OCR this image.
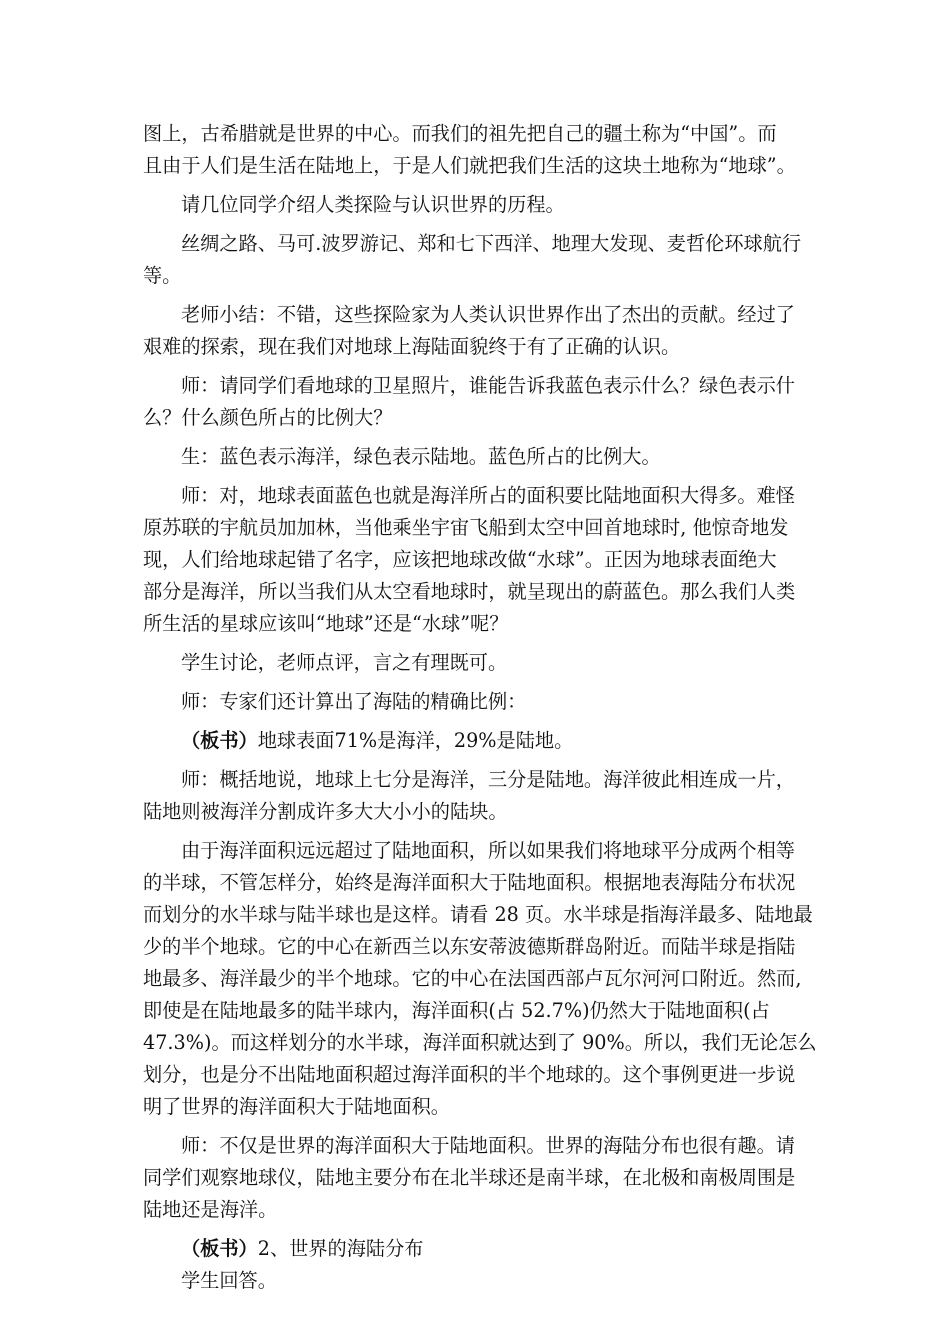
图上，古希腊就是世界的中心。而我们的祖先把自己的疆土称为“中国”。而
且由于人们是生活在陆地上，于是人们就把我们生活的这块土地称为“地球”。
请几位同学介绍人类探险与认识世界的历程。
丝绸之路、马可.波罗游记、郑和七下西洋、地理大发现、麦哲伦环球航行
等。
老师小结：不错，这些探险家为人类认识世界作出了杰出的贡献。经过了
艰难的探索，现在我们对地球上海陆面貌终于有了正确的认识。
师：请同学们看地球的卫星照片，谁能告诉我蓝色表示什么？绿色表示什
么？什么颜色所占的比例大？
生：蓝色表示海洋，绿色表示陆地。蓝色所占的比例大。
师：对，地球表面蓝色也就是海洋所占的面积要比陆地面积大得多。难怪
原苏联的宇航员加加林，当他乘坐宇宙飞船到太空中回首地球时, 他惊奇地发
现，人们给地球起错了名字，应该把地球改做“水球”。正因为地球表面绝大
部分是海洋，所以当我们从太空看地球时，就呈现出的蔚蓝色。那么我们人类
所生活的星球应该叫“地球”还是“水球”呢？
学生讨论，老师点评，言之有理既可。
师：专家们还计算出了海陆的精确比例：
（板书）地球表面71%是海洋，29%是陆地。
师：概括地说，地球上七分是海洋，三分是陆地。海洋彼此相连成一片，
陆地则被海洋分割成许多大大小小的陆块。
由于海洋面积远远超过了陆地面积，所以如果我们将地球平分成两个相等
的半球，不管怎样分，始终是海洋面积大于陆地面积。根据地表海陆分布状况
而划分的水半球与陆半球也是这样。请看 28 页。水半球是指海洋最多、陆地最
少的半个地球。它的中心在新西兰以东安蒂波德斯群岛附近。而陆半球是指陆
地最多、海洋最少的半个地球。它的中心在法国西部卢瓦尔河河口附近。然而,
即使是在陆地最多的陆半球内，海洋面积(占 52.7%)仍然大于陆地面积(占
47.3%)。而这样划分的水半球，海洋面积就达到了 90%。所以，我们无论怎么
划分，也是分不出陆地面积超过海洋面积的半个地球的。这个事例更进一步说
明了世界的海洋面积大于陆地面积。
师：不仅是世界的海洋面积大于陆地面积。世界的海陆分布也很有趣。请
同学们观察地球仪，陆地主要分布在北半球还是南半球，在北极和南极周围是
陆地还是海洋。
（板书）2、世界的海陆分布
学生回答。
